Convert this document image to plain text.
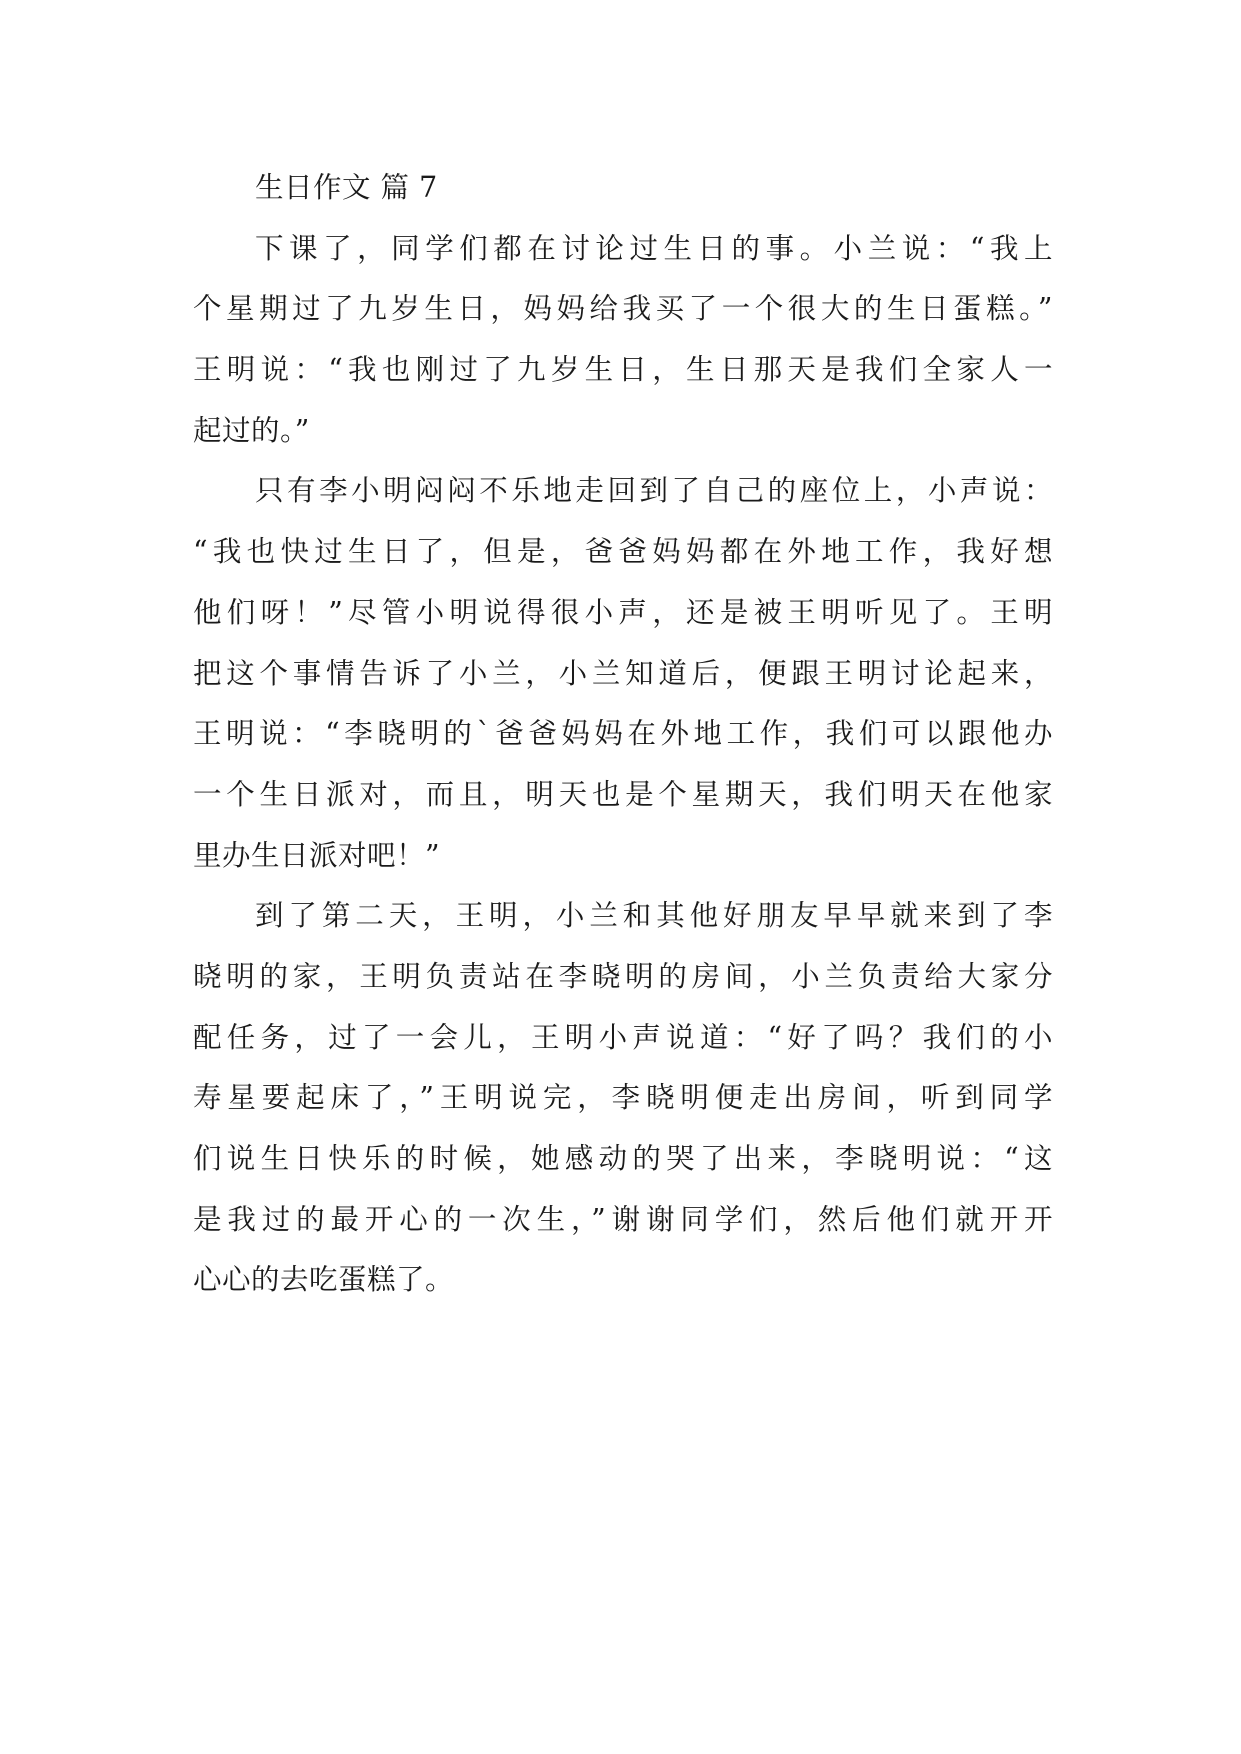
生日作文 篇 7
下课了，同学们都在讨论过生日的事。小兰说：“我上
个星期过了九岁生日，妈妈给我买了一个很大的生日蛋糕。”
王明说：“我也刚过了九岁生日，生日那天是我们全家人一
起过的。”
只有李小明闷闷不乐地走回到了自己的座位上，小声说：
“我也快过生日了，但是，爸爸妈妈都在外地工作，我好想
他们呀！”尽管小明说得很小声，还是被王明听见了。王明
把这个事情告诉了小兰，小兰知道后，便跟王明讨论起来，
王明说：“李晓明的`爸爸妈妈在外地工作，我们可以跟他办
一个生日派对，而且，明天也是个星期天，我们明天在他家
里办生日派对吧！”
到了第二天，王明，小兰和其他好朋友早早就来到了李
晓明的家，王明负责站在李晓明的房间，小兰负责给大家分
配任务，过了一会儿，王明小声说道：“好了吗？我们的小
寿星要起床了，”王明说完，李晓明便走出房间，听到同学
们说生日快乐的时候，她感动的哭了出来，李晓明说：“这
是我过的最开心的一次生，”谢谢同学们，然后他们就开开
心心的去吃蛋糕了。
